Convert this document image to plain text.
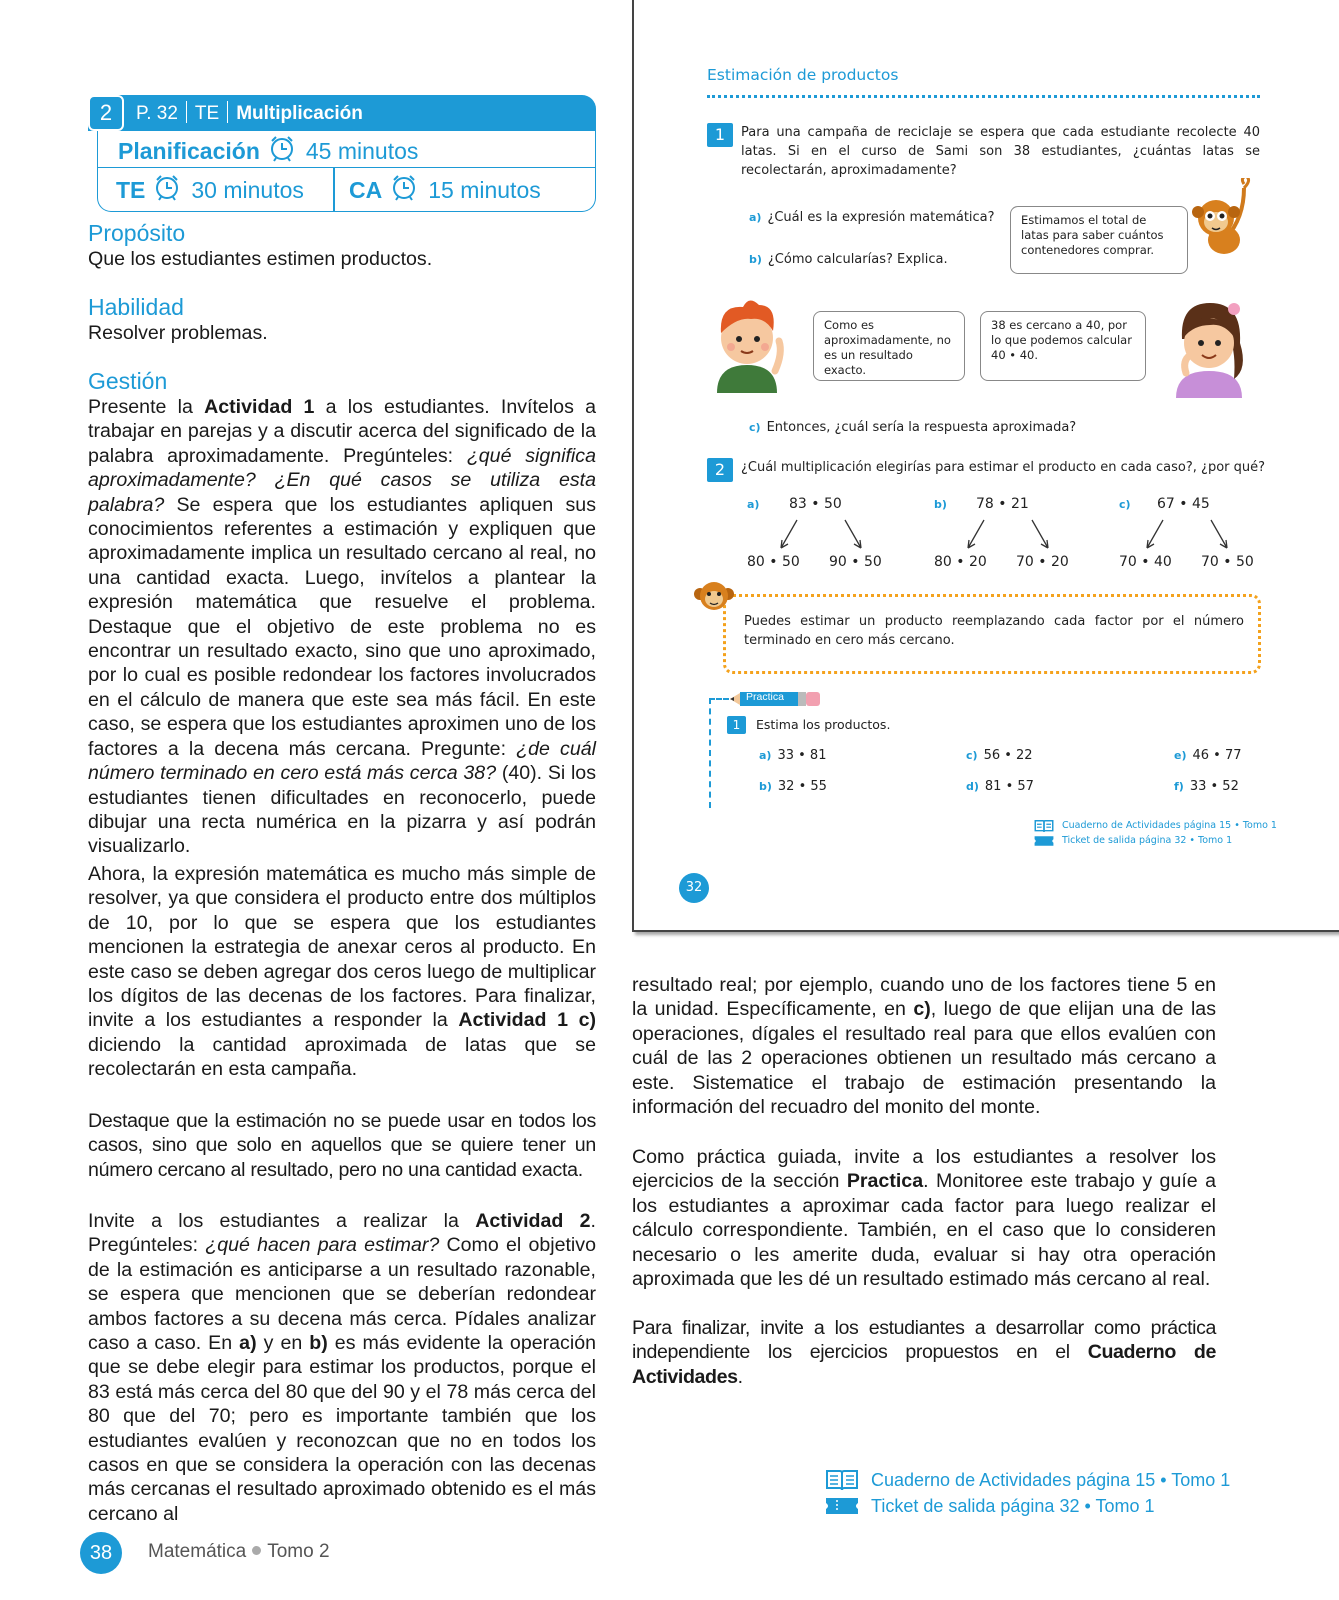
P. 32 TE Multiplicación
2
Planificación 45 minutos
TE 30 minutos CA 15 minutos
Propósito
Que los estudiantes estimen productos.
Habilidad
Resolver problemas.
Gestión

Presente la Actividad 1 a los estudiantes. Invítelos a trabajar en parejas y a discutir acerca del significado de la palabra aproximadamente. Pregúnteles: ¿qué significa aproximadamente? ¿En qué casos se utiliza esta palabra? Se espera que los estudiantes apliquen sus conocimientos referentes a estimación y expliquen que aproximadamente implica un resultado cercano al real, no una cantidad exacta. Luego, invítelos a plantear la expresión matemática que resuelve el problema. Destaque que el objetivo de este problema no es encontrar un resultado exacto, sino que uno aproximado, por lo cual es posible redondear los factores involucrados en el cálculo de manera que este sea más fácil. En este caso, se espera que los estudiantes aproximen uno de los factores a la decena más cercana. Pregunte: ¿de cuál número terminado en cero está más cerca 38? (40). Si los estudiantes tienen dificultades en reconocerlo, puede dibujar una recta numérica en la pizarra y así podrán visualizarlo.

Ahora, la expresión matemática es mucho más simple de resolver, ya que considera el producto entre dos múltiplos de 10, por lo que se espera que los estudiantes mencionen la estrategia de anexar ceros al producto. En este caso se deben agregar dos ceros luego de multiplicar los dígitos de las decenas de los factores. Para finalizar, invite a los estudiantes a responder la Actividad 1 c) diciendo la cantidad aproximada de latas que se recolectarán en esta campaña.

Destaque que la estimación no se puede usar en todos los casos, sino que solo en aquellos que se quiere tener un número cercano al resultado, pero no una cantidad exacta.

Invite a los estudiantes a realizar la Actividad 2. Pregúnteles: ¿qué hacen para estimar? Como el objetivo de la estimación es anticiparse a un resultado razonable, se espera que mencionen que se deberían redondear ambos factores a su decena más cerca. Pídales analizar caso a caso. En a) y en b) es más evidente la operación que se debe elegir para estimar los productos, porque el 83 está más cerca del 80 que del 90 y el 78 más cerca del 80 que del 70; pero es importante también que los estudiantes evalúen y reconozcan que no en todos los casos en que se considera la operación con las decenas más cercanas el resultado aproximado obtenido es el más cercano al

resultado real; por ejemplo, cuando uno de los factores tiene 5 en la unidad. Específicamente, en c), luego de que elijan una de las operaciones, dígales el resultado real para que ellos evalúen con cuál de las 2 operaciones obtienen un resultado más cercano a este. Sistematice el trabajo de estimación presentando la información del recuadro del monito del monte.
Como práctica guiada, invite a los estudiantes a resolver los ejercicios de la sección Practica. Monitoree este trabajo y guíe a los estudiantes a aproximar cada factor para luego realizar el cálculo correspondiente. También, en el caso que lo consideren necesario o les amerite duda, evaluar si hay otra operación aproximada que les dé un resultado estimado más cercano al real.
Para finalizar, invite a los estudiantes a desarrollar como práctica independiente los ejercicios propuestos en el Cuaderno de Actividades.
Cuaderno de Actividades página 15 • Tomo 1
Ticket de salida página 32 • Tomo 1
38	Matemática Tomo 2
Estimación de productos
1	Para una campaña de reciclaje se espera que cada estudiante recolecte 40 latas. Si en el curso de Sami son 38 estudiantes, ¿cuántas latas se recolectarán, aproximadamente?
a) ¿Cuál es la expresión matemática?
b) ¿Cómo calcularías? Explica.
Estimamos el total de latas para saber cuántos contenedores comprar.
Como es aproximadamente, no es un resultado exacto.
38 es cercano a 40, por lo que podemos calcular 40 • 40.
c) Entonces, ¿cuál sería la respuesta aproximada?
2	¿Cuál multiplicación elegirías para estimar el producto en cada caso?, ¿por qué?
a) 83 • 50
80 • 50 90 • 50
b) 78 • 21
80 • 20 70 • 20
c) 67 • 45
70 • 40 70 • 50
Puedes estimar un producto reemplazando cada factor por el número terminado en cero más cercano.
Practica
1	Estima los productos.
a) 33 • 81	c) 56 • 22	e) 46 • 77
b) 32 • 55	d) 81 • 57	f) 33 • 52
Cuaderno de Actividades página 15 • Tomo 1
Ticket de salida página 32 • Tomo 1
32
